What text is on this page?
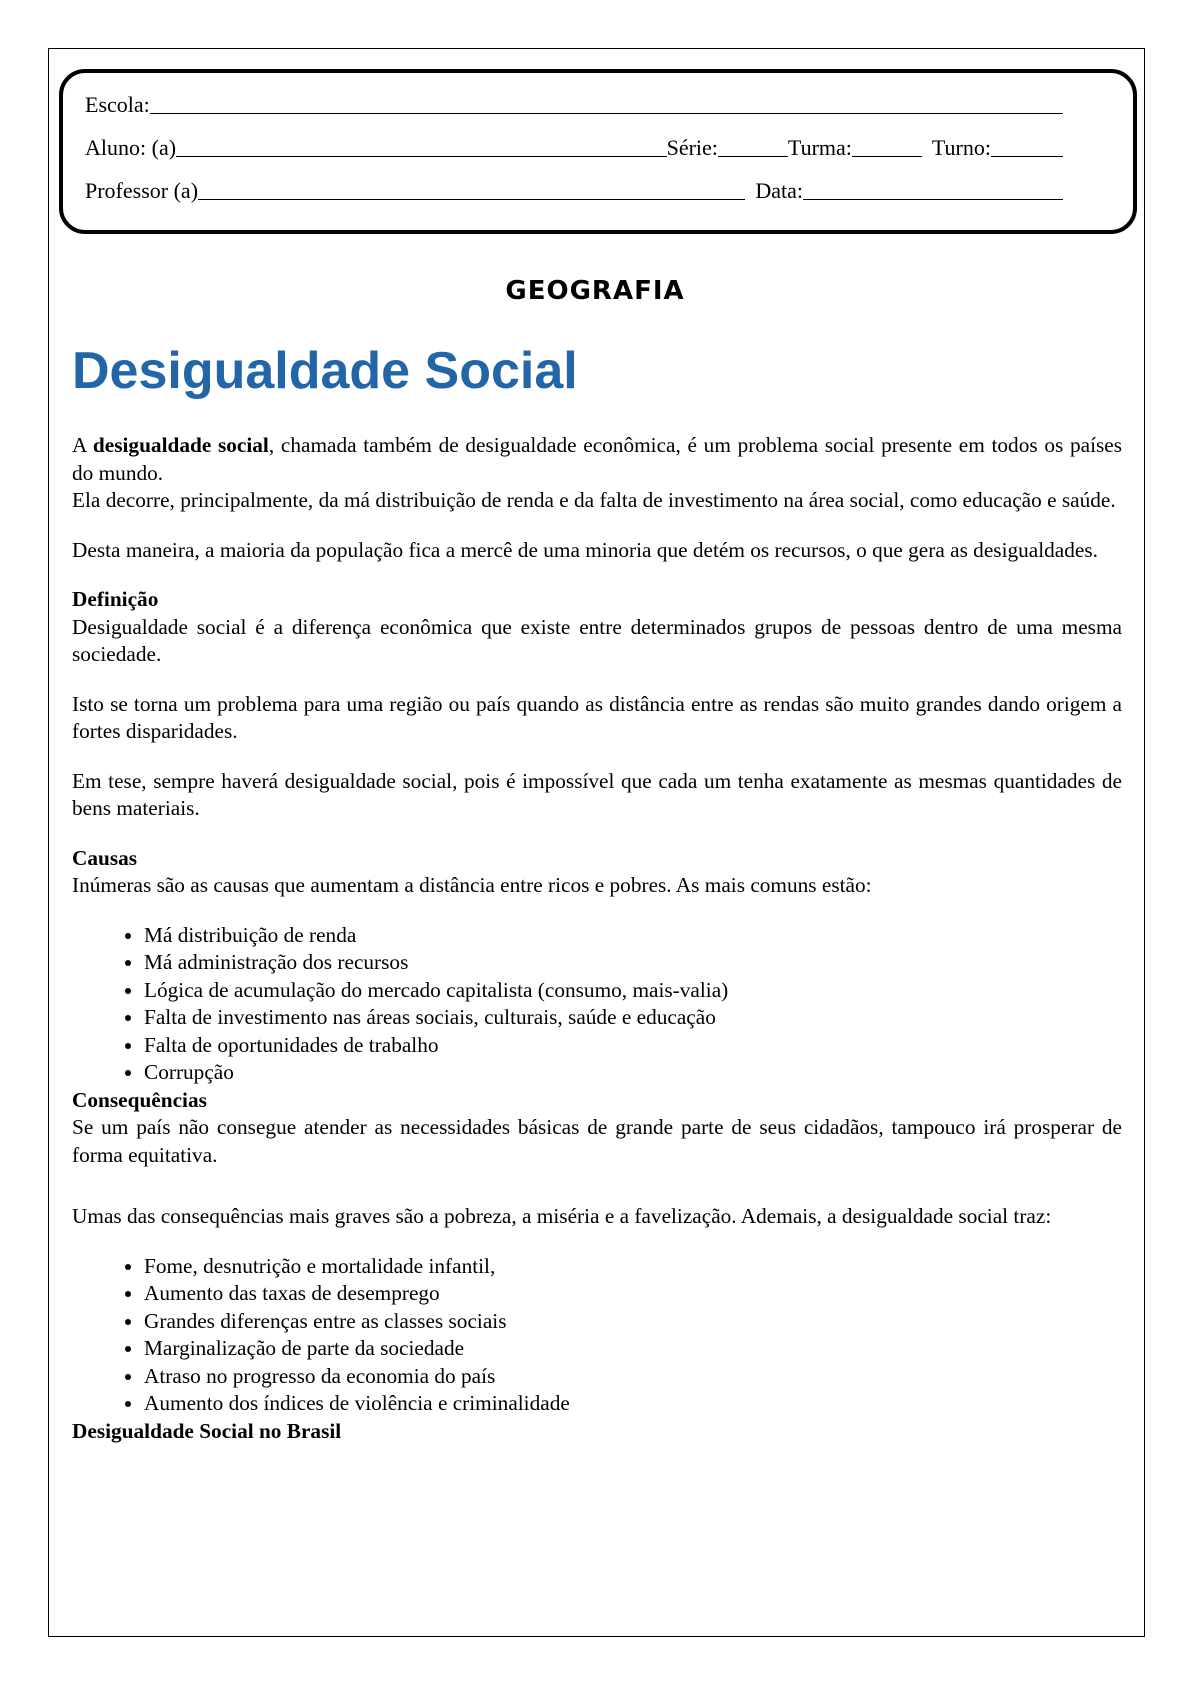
Escola:
Aluno: (a)	Série:	Turma:	Turno:
Professor (a)	Data:
GEOGRAFIA
Desigualdade Social

A desigualdade social, chamada também de desigualdade econômica, é um problema social presente em todos os países do mundo.

Ela decorre, principalmente, da má distribuição de renda e da falta de investimento na área social, como educação e saúde.

Desta maneira, a maioria da população fica a mercê de uma minoria que detém os recursos, o que gera as desigualdades.

Definição

Desigualdade social é a diferença econômica que existe entre determinados grupos de pessoas dentro de uma mesma sociedade.

Isto se torna um problema para uma região ou país quando as distância entre as rendas são muito grandes dando origem a fortes disparidades.

Em tese, sempre haverá desigualdade social, pois é impossível que cada um tenha exatamente as mesmas quantidades de bens materiais.

Causas

Inúmeras são as causas que aumentam a distância entre ricos e pobres. As mais comuns estão:

• Má distribuição de renda
• Má administração dos recursos
• Lógica de acumulação do mercado capitalista (consumo, mais-valia)
• Falta de investimento nas áreas sociais, culturais, saúde e educação
• Falta de oportunidades de trabalho
• Corrupção
Consequências

Se um país não consegue atender as necessidades básicas de grande parte de seus cidadãos, tampouco irá prosperar de forma equitativa.

Umas das consequências mais graves são a pobreza, a miséria e a favelização. Ademais, a desigualdade social traz:

• Fome, desnutrição e mortalidade infantil,
• Aumento das taxas de desemprego
• Grandes diferenças entre as classes sociais
• Marginalização de parte da sociedade
• Atraso no progresso da economia do país
• Aumento dos índices de violência e criminalidade
Desigualdade Social no Brasil
